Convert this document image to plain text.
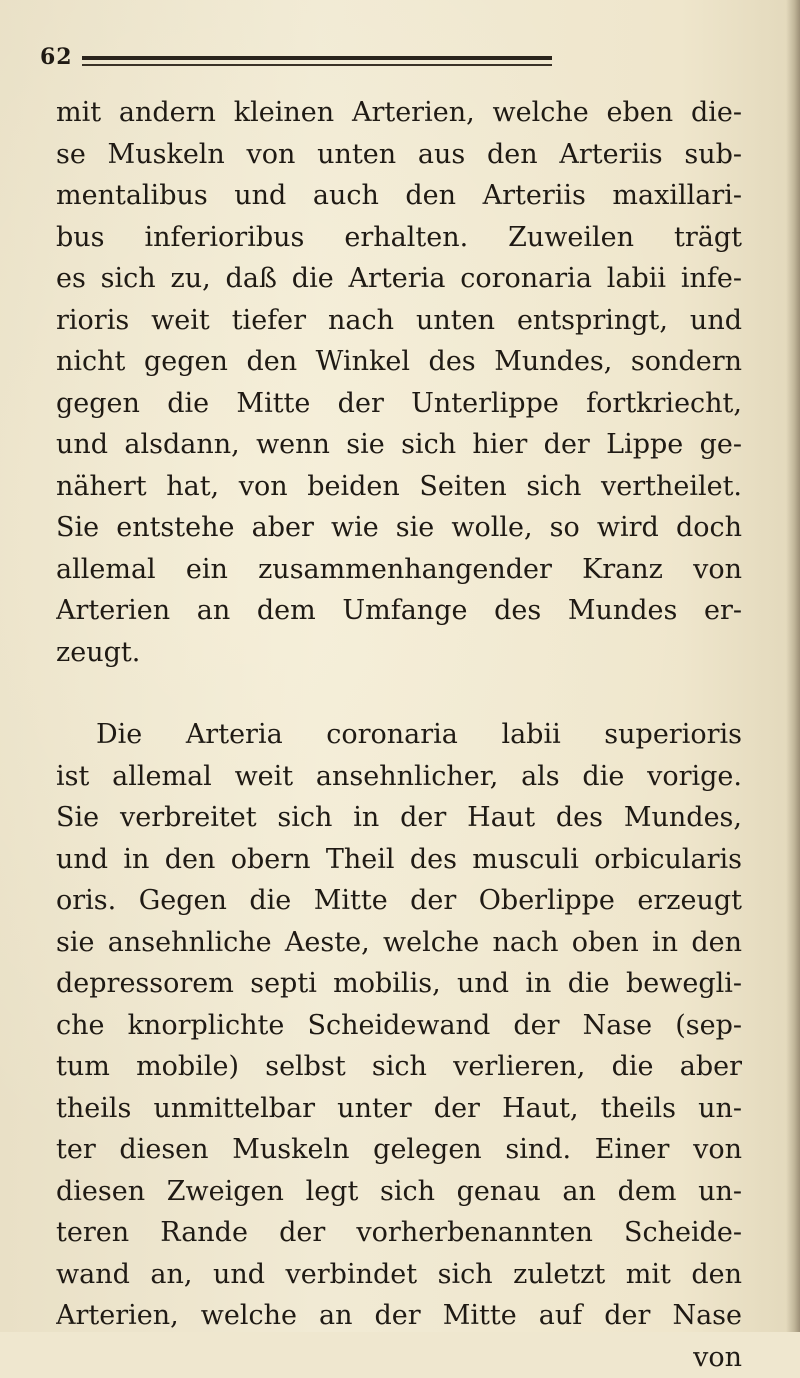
62
mit andern kleinen Arterien, welche eben die-
se Muskeln von unten aus den Arteriis sub-
mentalibus und auch den Arteriis maxillari-
bus inferioribus erhalten. Zuweilen trägt
es sich zu, daß die Arteria coronaria labii infe-
rioris weit tiefer nach unten entspringt, und
nicht gegen den Winkel des Mundes, sondern
gegen die Mitte der Unterlippe fortkriecht,
und alsdann, wenn sie sich hier der Lippe ge-
nähert hat, von beiden Seiten sich vertheilet.
Sie entstehe aber wie sie wolle, so wird doch
allemal ein zusammenhangender Kranz von
Arterien an dem Umfange des Mundes er-
zeugt.
Die Arteria coronaria labii superioris
ist allemal weit ansehnlicher, als die vorige.
Sie verbreitet sich in der Haut des Mundes,
und in den obern Theil des musculi orbicularis
oris. Gegen die Mitte der Oberlippe erzeugt
sie ansehnliche Aeste, welche nach oben in den
depressorem septi mobilis, und in die bewegli-
che knorplichte Scheidewand der Nase (sep-
tum mobile) selbst sich verlieren, die aber
theils unmittelbar unter der Haut, theils un-
ter diesen Muskeln gelegen sind. Einer von
diesen Zweigen legt sich genau an dem un-
teren Rande der vorherbenannten Scheide-
wand an, und verbindet sich zuletzt mit den
Arterien, welche an der Mitte auf der Nase
von
